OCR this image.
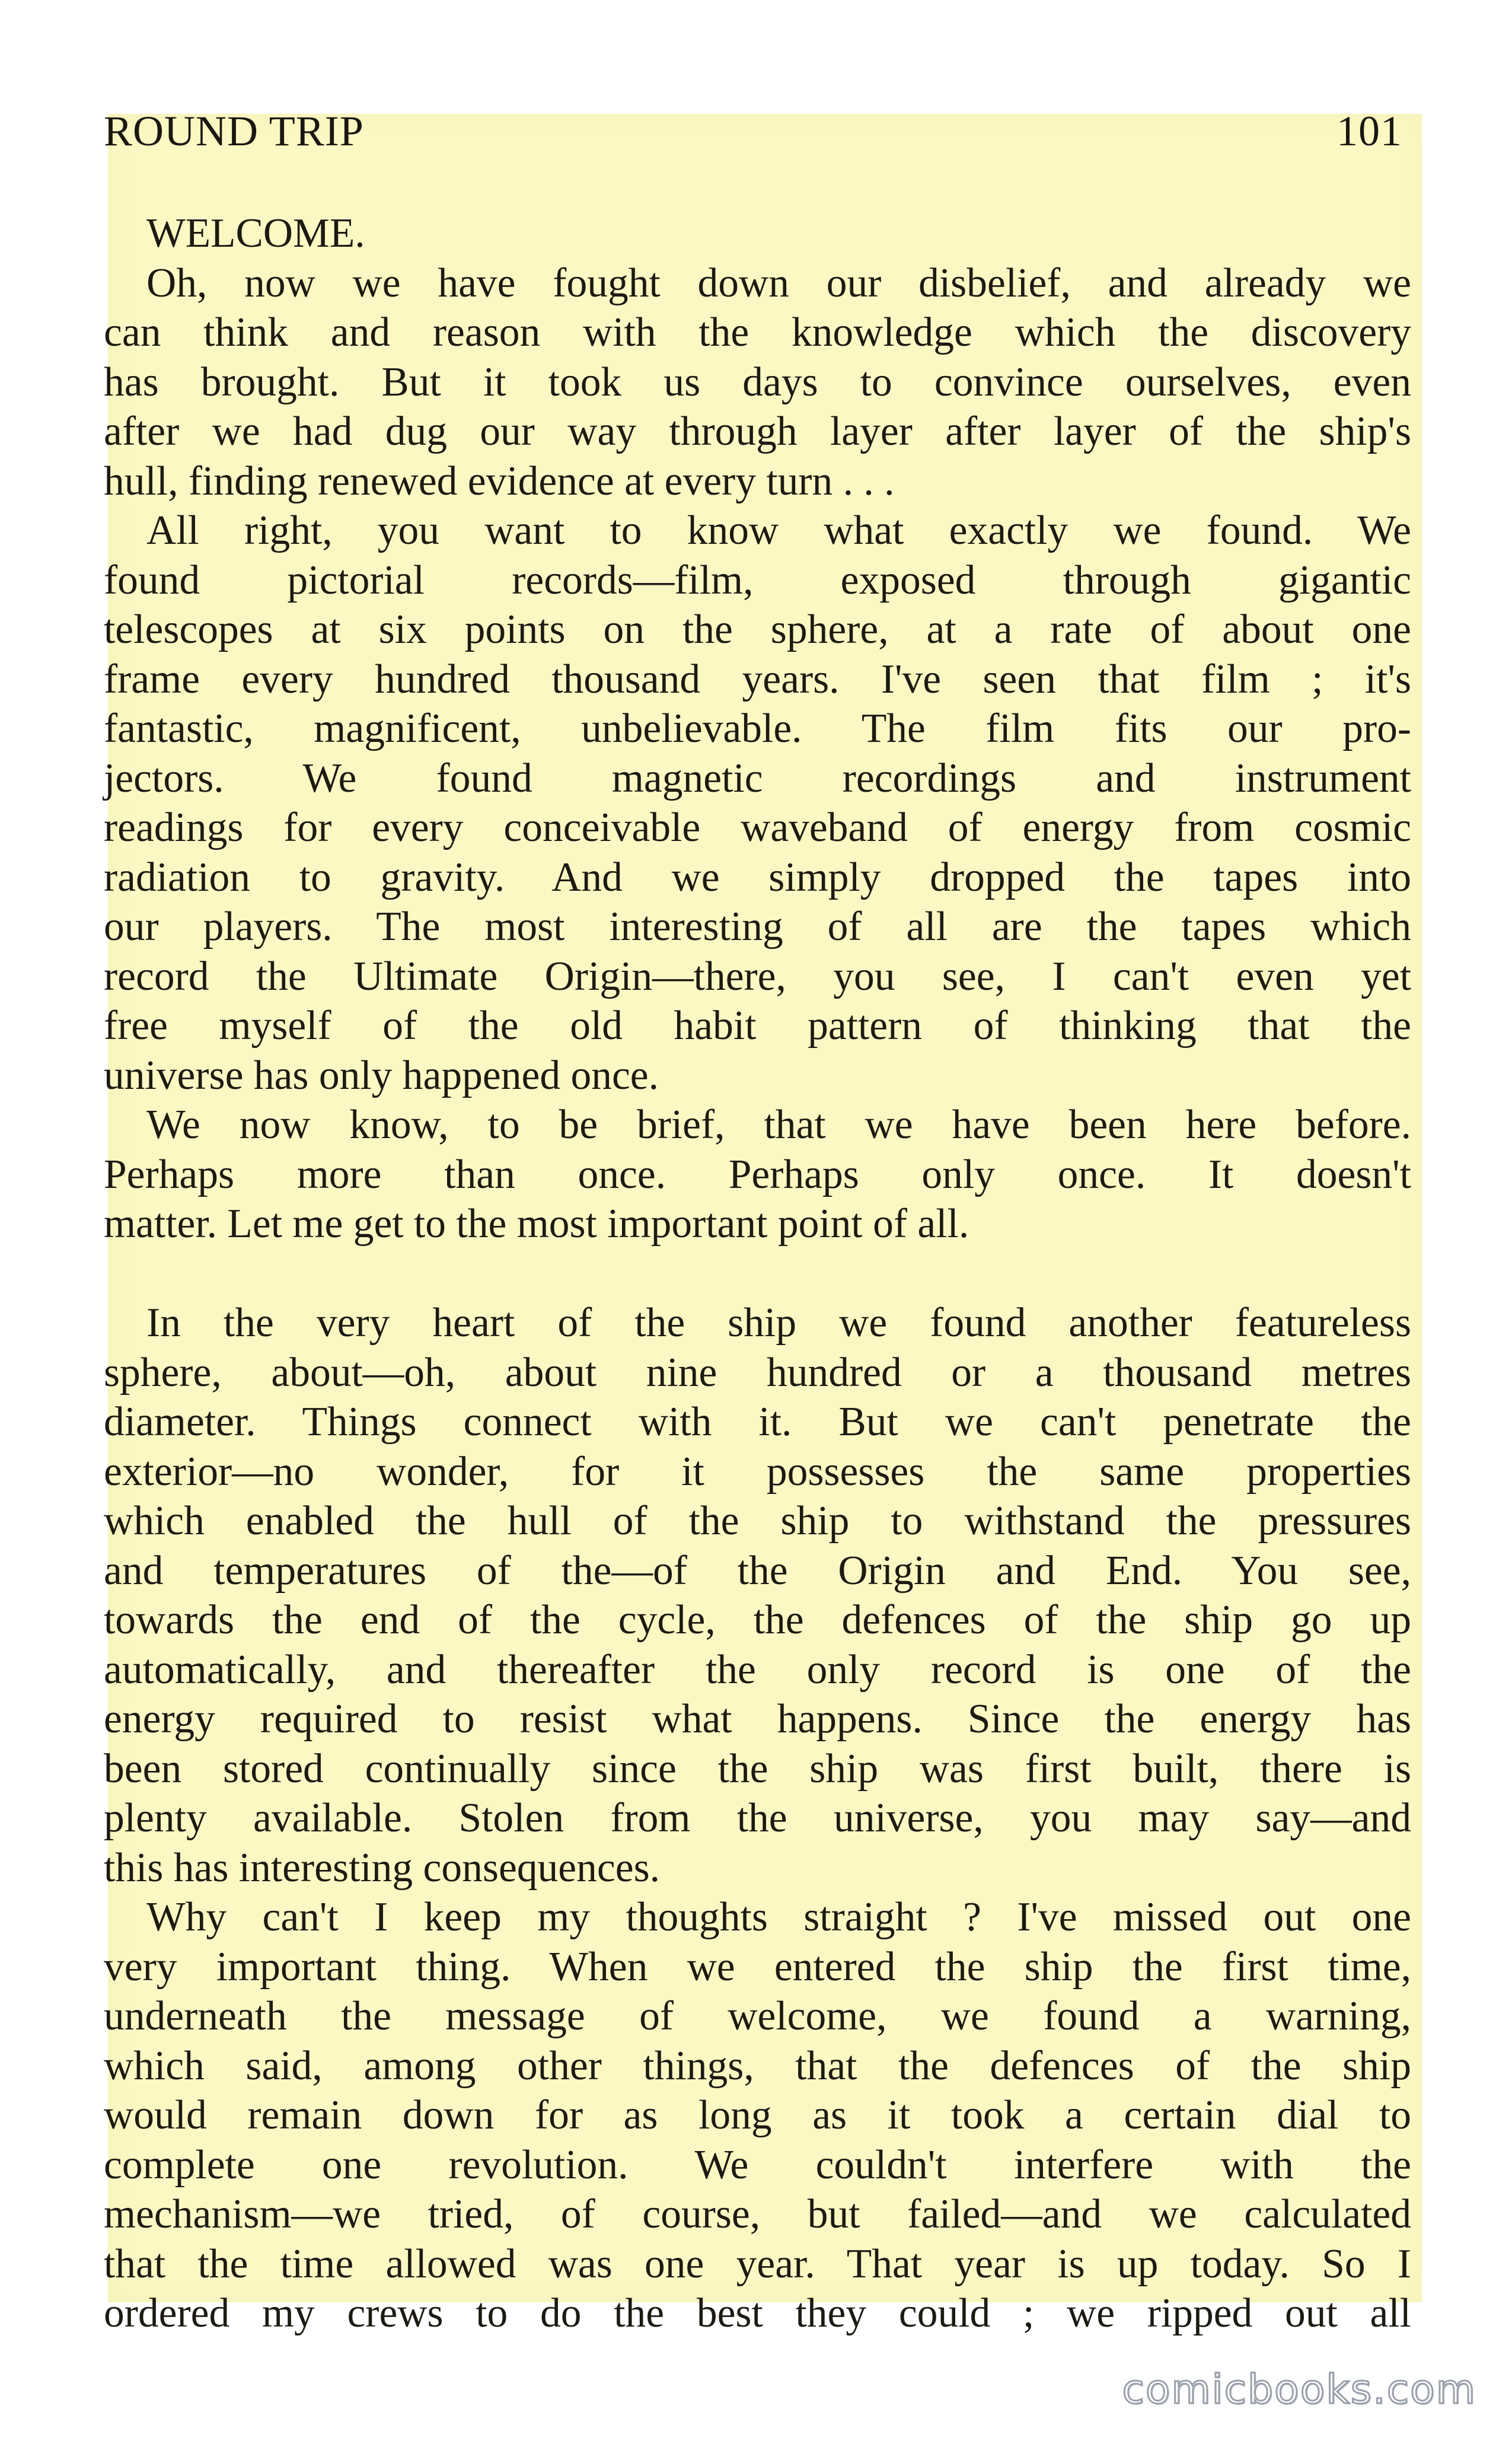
ROUND TRIP	101
WELCOME.
Oh, now we have fought down our disbelief, and already we
can think and reason with the knowledge which the discovery
has brought. But it took us days to convince ourselves, even
after we had dug our way through layer after layer of the ship's
hull, finding renewed evidence at every turn . . .
All right, you want to know what exactly we found. We
found pictorial records—film, exposed through gigantic
telescopes at six points on the sphere, at a rate of about one
frame every hundred thousand years. I've seen that film ; it's
fantastic, magnificent, unbelievable. The film fits our pro-
jectors. We found magnetic recordings and instrument
readings for every conceivable waveband of energy from cosmic
radiation to gravity. And we simply dropped the tapes into
our players. The most interesting of all are the tapes which
record the Ultimate Origin—there, you see, I can't even yet
free myself of the old habit pattern of thinking that the
universe has only happened once.
We now know, to be brief, that we have been here before.
Perhaps more than once. Perhaps only once. It doesn't
matter. Let me get to the most important point of all.
In the very heart of the ship we found another featureless
sphere, about—oh, about nine hundred or a thousand metres
diameter. Things connect with it. But we can't penetrate the
exterior—no wonder, for it possesses the same properties
which enabled the hull of the ship to withstand the pressures
and temperatures of the—of the Origin and End. You see,
towards the end of the cycle, the defences of the ship go up
automatically, and thereafter the only record is one of the
energy required to resist what happens. Since the energy has
been stored continually since the ship was first built, there is
plenty available. Stolen from the universe, you may say—and
this has interesting consequences.
Why can't I keep my thoughts straight ? I've missed out one
very important thing. When we entered the ship the first time,
underneath the message of welcome, we found a warning,
which said, among other things, that the defences of the ship
would remain down for as long as it took a certain dial to
complete one revolution. We couldn't interfere with the
mechanism—we tried, of course, but failed—and we calculated
that the time allowed was one year. That year is up today. So I
ordered my crews to do the best they could ; we ripped out all
comicbooks.com
